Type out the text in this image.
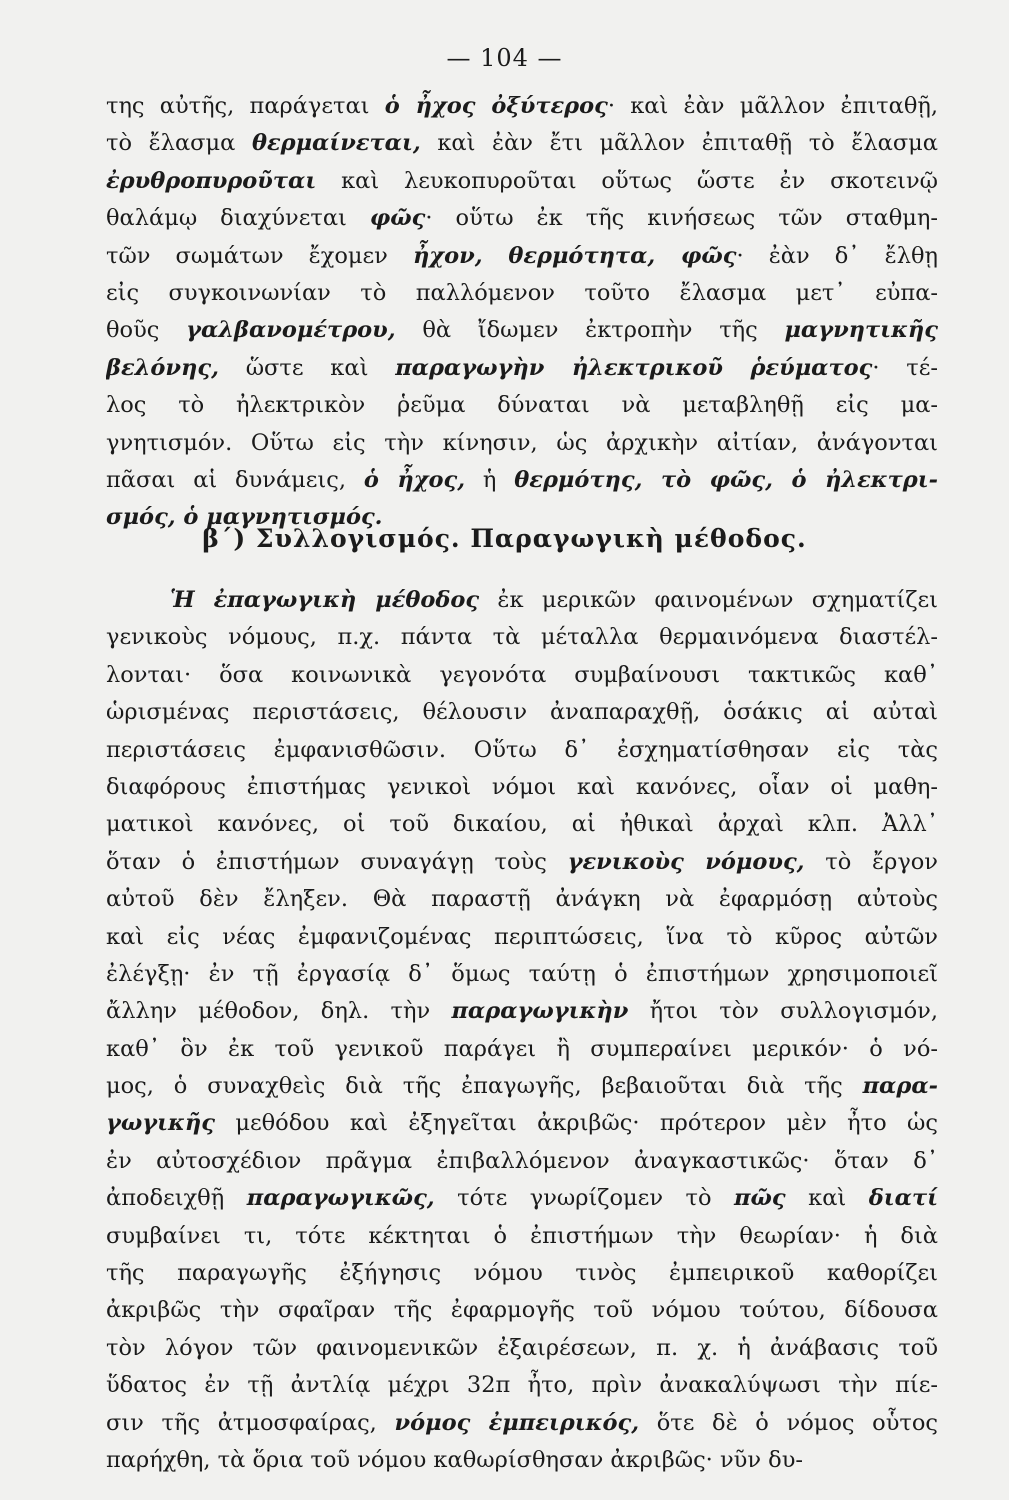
— 104 —
της αὐτῆς, παράγεται ὁ ἦχος ὀξύτερος· καὶ ἐὰν μᾶλλον ἐπιταθῇ,
τὸ ἔλασμα θερμαίνεται, καὶ ἐὰν ἔτι μᾶλλον ἐπιταθῇ τὸ ἔλασμα
ἐρυθροπυροῦται καὶ λευκοπυροῦται οὕτως ὥστε ἐν σκοτεινῷ
θαλάμῳ διαχύνεται φῶς· οὕτω ἐκ τῆς κινήσεως τῶν σταθμη-
τῶν σωμάτων ἔχομεν ἦχον, θερμότητα, φῶς· ἐὰν δ᾽ ἔλθῃ
εἰς συγκοινωνίαν τὸ παλλόμενον τοῦτο ἔλασμα μετ᾽ εὐπα-
θοῦς γαλβανομέτρου, θὰ ἴδωμεν ἐκτροπὴν τῆς μαγνητικῆς
βελόνης, ὥστε καὶ παραγωγὴν ἠλεκτρικοῦ ῥεύματος· τέ-
λος τὸ ἠλεκτρικὸν ῥεῦμα δύναται νὰ μεταβληθῇ εἰς μα-
γνητισμόν. Οὕτω εἰς τὴν κίνησιν, ὡς ἀρχικὴν αἰτίαν, ἀνάγονται
πᾶσαι αἱ δυνάμεις, ὁ ἦχος, ἡ θερμότης, τὸ φῶς, ὁ ἠλεκτρι-
σμός, ὁ μαγνητισμός.
β΄) Συλλογισμός. Παραγωγικὴ μέθοδος.
Ἡ ἐπαγωγικὴ μέθοδος ἐκ μερικῶν φαινομένων σχηματίζει
γενικοὺς νόμους, π.χ. πάντα τὰ μέταλλα θερμαινόμενα διαστέλ-
λονται· ὅσα κοινωνικὰ γεγονότα συμβαίνουσι τακτικῶς καθ᾽
ὡρισμένας περιστάσεις, θέλουσιν ἀναπαραχθῇ, ὁσάκις αἱ αὐταὶ
περιστάσεις ἐμφανισθῶσιν. Οὕτω δ᾽ ἐσχηματίσθησαν εἰς τὰς
διαφόρους ἐπιστήμας γενικοὶ νόμοι καὶ κανόνες, οἷαν οἱ μαθη-
ματικοὶ κανόνες, οἱ τοῦ δικαίου, αἱ ἠθικαὶ ἀρχαὶ κλπ. Ἀλλ᾽
ὅταν ὁ ἐπιστήμων συναγάγῃ τοὺς γενικοὺς νόμους, τὸ ἔργον
αὐτοῦ δὲν ἔληξεν. Θὰ παραστῇ ἀνάγκη νὰ ἐφαρμόσῃ αὐτοὺς
καὶ εἰς νέας ἐμφανιζομένας περιπτώσεις, ἵνα τὸ κῦρος αὐτῶν
ἐλέγξῃ· ἐν τῇ ἐργασίᾳ δ᾽ ὅμως ταύτῃ ὁ ἐπιστήμων χρησιμοποιεῖ
ἄλλην μέθοδον, δηλ. τὴν παραγωγικὴν ἤτοι τὸν συλλογισμόν,
καθ᾽ ὃν ἐκ τοῦ γενικοῦ παράγει ἢ συμπεραίνει μερικόν· ὁ νό-
μος, ὁ συναχθεὶς διὰ τῆς ἐπαγωγῆς, βεβαιοῦται διὰ τῆς παρα-
γωγικῆς μεθόδου καὶ ἐξηγεῖται ἀκριβῶς· πρότερον μὲν ἦτο ὡς
ἐν αὐτοσχέδιον πρᾶγμα ἐπιβαλλόμενον ἀναγκαστικῶς· ὅταν δ᾽
ἀποδειχθῇ παραγωγικῶς, τότε γνωρίζομεν τὸ πῶς καὶ διατί
συμβαίνει τι, τότε κέκτηται ὁ ἐπιστήμων τὴν θεωρίαν· ἡ διὰ
τῆς παραγωγῆς ἐξήγησις νόμου τινὸς ἐμπειρικοῦ καθορίζει
ἀκριβῶς τὴν σφαῖραν τῆς ἐφαρμογῆς τοῦ νόμου τούτου, δίδουσα
τὸν λόγον τῶν φαινομενικῶν ἐξαιρέσεων, π. χ. ἡ ἀνάβασις τοῦ
ὕδατος ἐν τῇ ἀντλίᾳ μέχρι 32π ἦτο, πρὶν ἀνακαλύψωσι τὴν πίε-
σιν τῆς ἀτμοσφαίρας, νόμος ἐμπειρικός, ὅτε δὲ ὁ νόμος οὗτος
παρήχθη, τὰ ὅρια τοῦ νόμου καθωρίσθησαν ἀκριβῶς· νῦν δυ-
